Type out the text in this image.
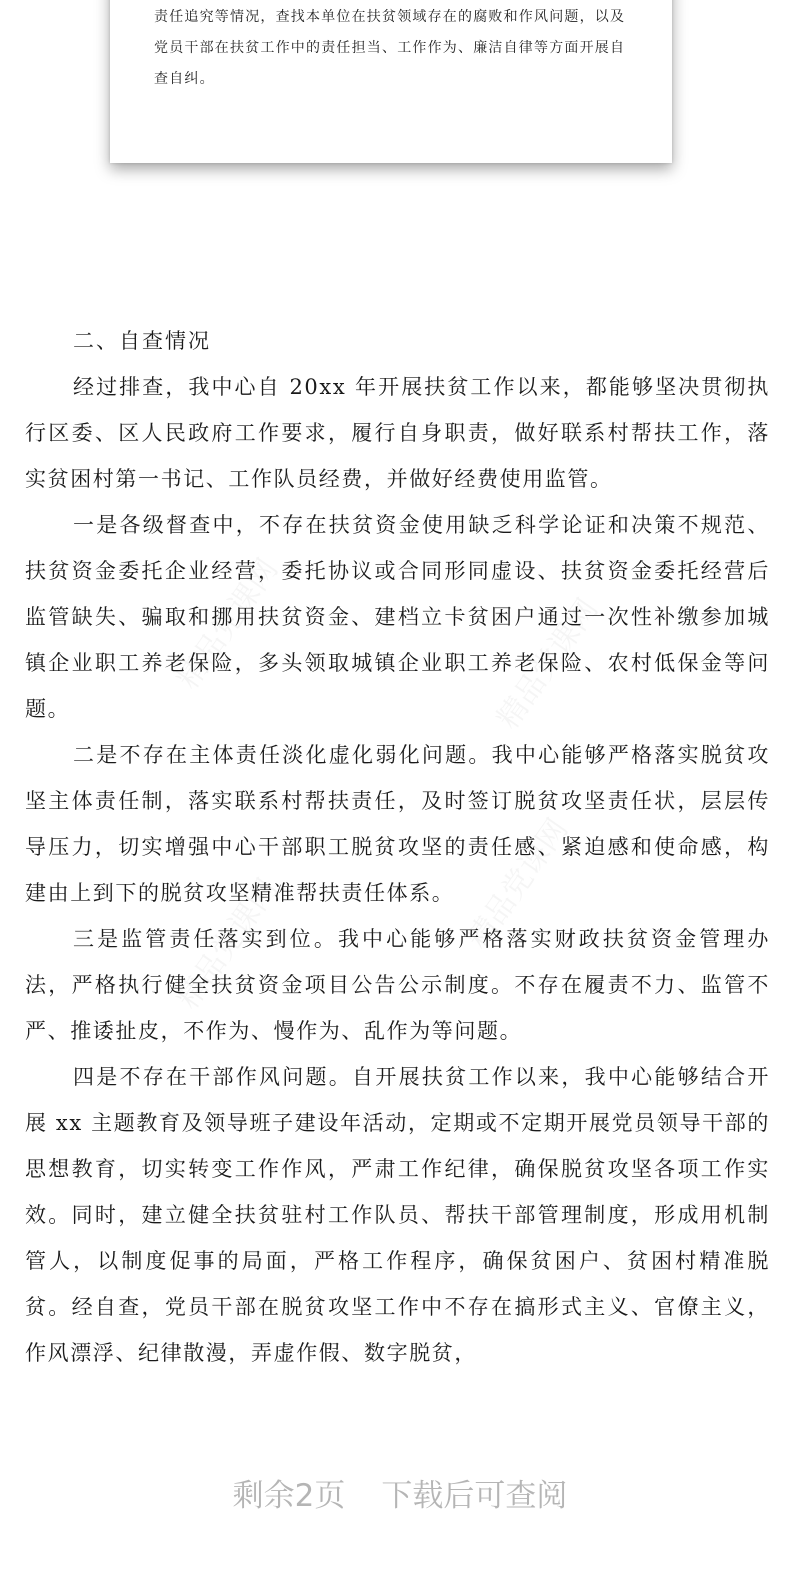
责任追究等情况，查找本单位在扶贫领域存在的腐败和作风问题，以及党员干部在扶贫工作中的责任担当、工作作为、廉洁自律等方面开展自查自纠。

精品党课网	精品党课网
精品党课网	精品党课网

二、自查情况

经过排查，我中心自 20xx 年开展扶贫工作以来，都能够坚决贯彻执行区委、区人民政府工作要求，履行自身职责，做好联系村帮扶工作，落实贫困村第一书记、工作队员经费，并做好经费使用监管。

一是各级督查中，不存在扶贫资金使用缺乏科学论证和决策不规范、扶贫资金委托企业经营，委托协议或合同形同虚设、扶贫资金委托经营后监管缺失、骗取和挪用扶贫资金、建档立卡贫困户通过一次性补缴参加城镇企业职工养老保险，多头领取城镇企业职工养老保险、农村低保金等问题。

二是不存在主体责任淡化虚化弱化问题。我中心能够严格落实脱贫攻坚主体责任制，落实联系村帮扶责任，及时签订脱贫攻坚责任状，层层传导压力，切实增强中心干部职工脱贫攻坚的责任感、紧迫感和使命感，构建由上到下的脱贫攻坚精准帮扶责任体系。

三是监管责任落实到位。我中心能够严格落实财政扶贫资金管理办法，严格执行健全扶贫资金项目公告公示制度。不存在履责不力、监管不严、推诿扯皮，不作为、慢作为、乱作为等问题。

四是不存在干部作风问题。自开展扶贫工作以来，我中心能够结合开展 xx 主题教育及领导班子建设年活动，定期或不定期开展党员领导干部的思想教育，切实转变工作作风，严肃工作纪律，确保脱贫攻坚各项工作实效。同时，建立健全扶贫驻村工作队员、帮扶干部管理制度，形成用机制管人，以制度促事的局面，严格工作程序，确保贫困户、贫困村精准脱贫。经自查，党员干部在脱贫攻坚工作中不存在搞形式主义、官僚主义，作风漂浮、纪律散漫，弄虚作假、数字脱贫，

剩余2页 下载后可查阅
